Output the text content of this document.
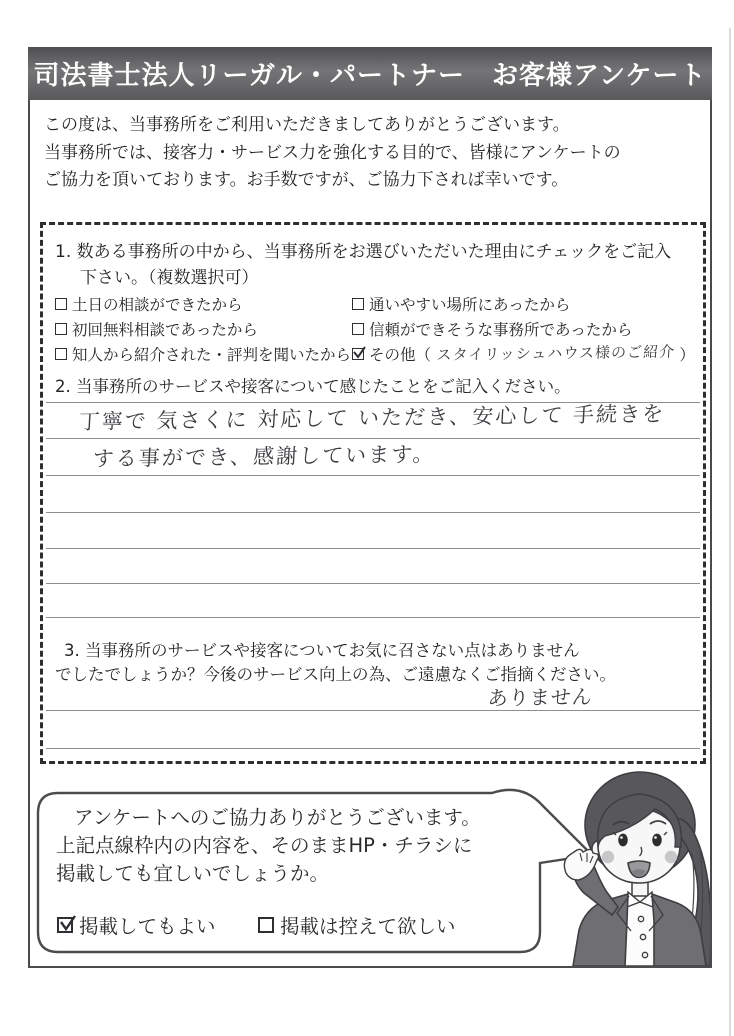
司法書士法人リーガル・パートナー　お客様アンケート
この度は、当事務所をご利用いただきましてありがとうございます。
当事務所では、接客力・サービス力を強化する目的で、皆様にアンケートの
ご協力を頂いております。お手数ですが、ご協力下されば幸いです。
1. 数ある事務所の中から、当事務所をお選びいただいた理由にチェックをご記入
下さい。（複数選択可）
土日の相談ができたから
初回無料相談であったから
知人から紹介された・評判を聞いたから
通いやすい場所にあったから
信頼ができそうな事務所であったから
その他（ スタイリッシュハウス様のご紹介 ）
2. 当事務所のサービスや接客について感じたことをご記入ください。
丁寧で 気さくに 対応して いただき、安心して 手続きを
する事ができ、感謝しています。
3. 当事務所のサービスや接客についてお気に召さない点はありません
でしたでしょうか？今後のサービス向上の為、ご遠慮なくご指摘ください。
ありません
アンケートへのご協力ありがとうございます。
上記点線枠内の内容を、そのままHP・チラシに
掲載しても宜しいでしょうか。
掲載してもよい	掲載は控えて欲しい
